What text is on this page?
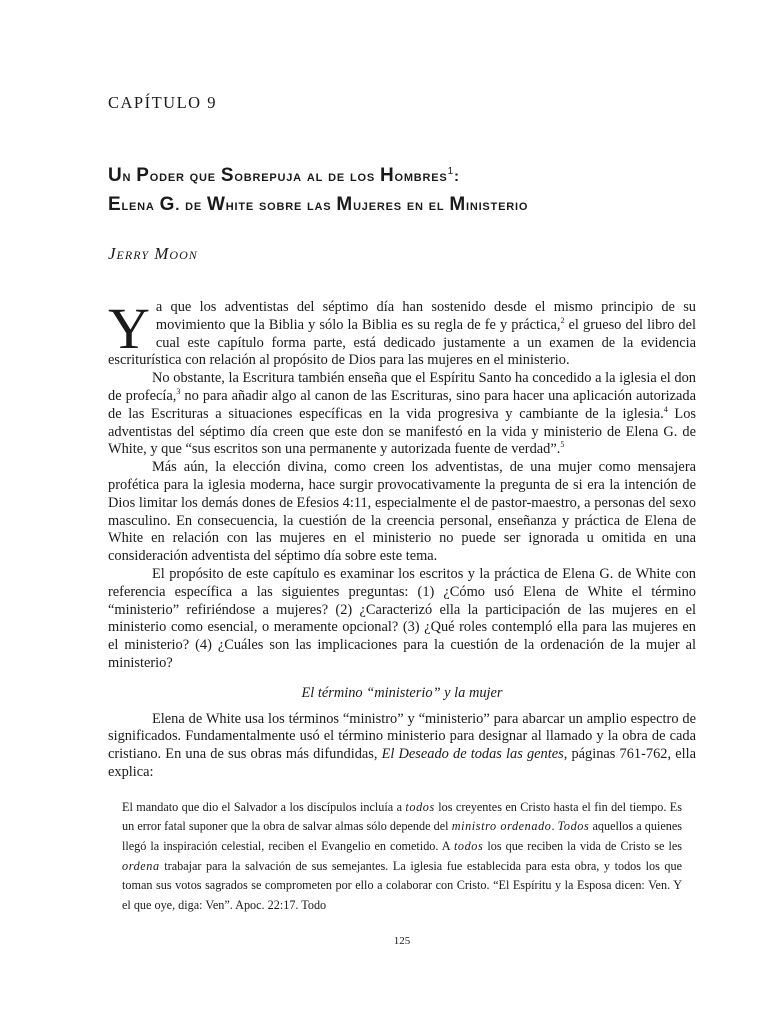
CAPÍTULO 9
Un Poder que Sobrepuja al de los Hombres$^1$:
Elena G. de White sobre las Mujeres en el Ministerio
Jerry Moon

Ya que los adventistas del séptimo día han sostenido desde el mismo principio de su movimiento que la Biblia y sólo la Biblia es su regla de fe y práctica,$^2$ el grueso del libro del cual este capítulo forma parte, está dedicado justamente a un examen de la evidencia escriturística con relación al propósito de Dios para las mujeres en el ministerio.

No obstante, la Escritura también enseña que el Espíritu Santo ha concedido a la iglesia el don de profecía,$^3$ no para añadir algo al canon de las Escrituras, sino para hacer una aplicación autorizada de las Escrituras a situaciones específicas en la vida progresiva y cambiante de la iglesia.$^4$ Los adventistas del séptimo día creen que este don se manifestó en la vida y ministerio de Elena G. de White, y que “sus escritos son una permanente y autorizada fuente de verdad”.$^5$

Más aún, la elección divina, como creen los adventistas, de una mujer como mensajera profética para la iglesia moderna, hace surgir provocativamente la pregunta de si era la intención de Dios limitar los demás dones de Efesios 4:11, especialmente el de pastor-maestro, a personas del sexo masculino. En consecuencia, la cuestión de la creencia personal, enseñanza y práctica de Elena de White en relación con las mujeres en el ministerio no puede ser ignorada u omitida en una consideración adventista del séptimo día sobre este tema.

El propósito de este capítulo es examinar los escritos y la práctica de Elena G. de White con referencia específica a las siguientes preguntas: (1) ¿Cómo usó Elena de White el término “ministerio” refiriéndose a mujeres? (2) ¿Caracterizó ella la participación de las mujeres en el ministerio como esencial, o meramente opcional? (3) ¿Qué roles contempló ella para las mujeres en el ministerio? (4) ¿Cuáles son las implicaciones para la cuestión de la ordenación de la mujer al ministerio?

El término “ministerio” y la mujer

Elena de White usa los términos “ministro” y “ministerio” para abarcar un amplio espectro de significados. Fundamentalmente usó el término ministerio para designar al llamado y la obra de cada cristiano. En una de sus obras más difundidas, El Deseado de todas las gentes, páginas 761-762, ella explica:

El mandato que dio el Salvador a los discípulos incluía a todos los creyentes en Cristo hasta el fin del tiempo. Es un error fatal suponer que la obra de salvar almas sólo depende del ministro ordenado. Todos aquellos a quienes llegó la inspiración celestial, reciben el Evangelio en cometido. A todos los que reciben la vida de Cristo se les ordena trabajar para la salvación de sus semejantes. La iglesia fue establecida para esta obra, y todos los que toman sus votos sagrados se comprometen por ello a colaborar con Cristo. “El Espíritu y la Esposa dicen: Ven. Y el que oye, diga: Ven”. Apoc. 22:17. Todo

125
